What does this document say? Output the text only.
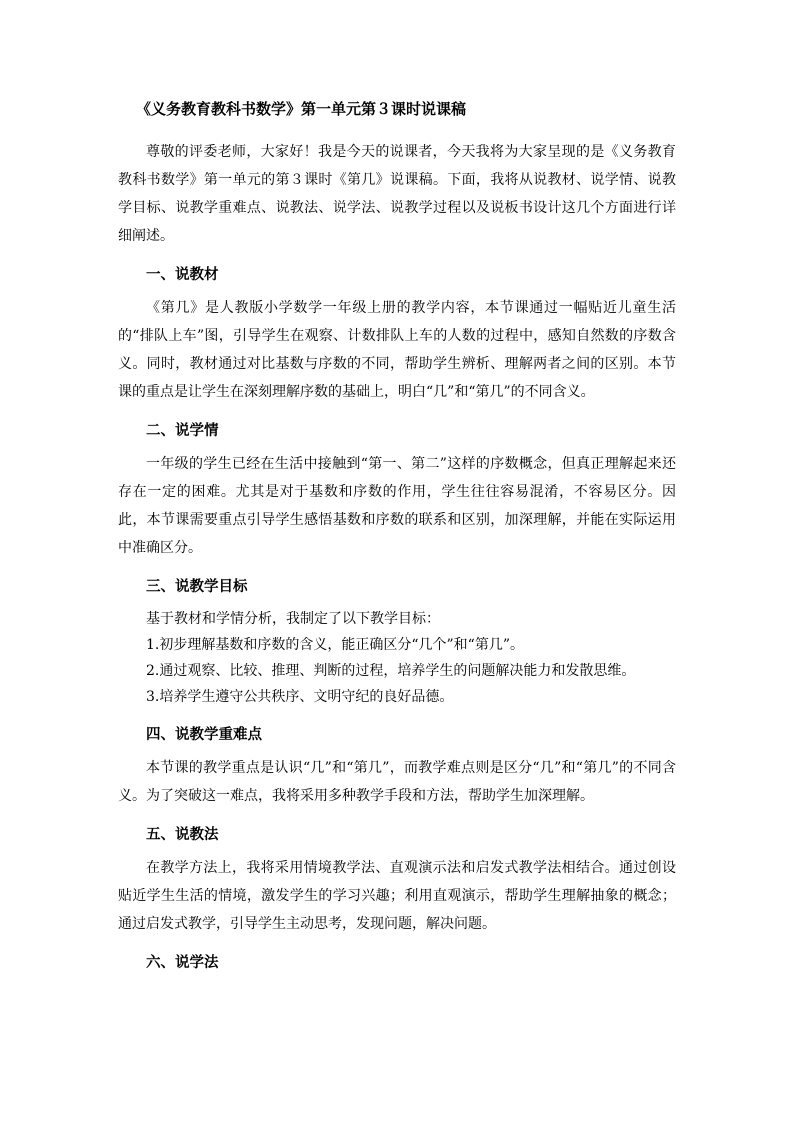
《义务教育教科书数学》第一单元第３课时说课稿

尊敬的评委老师，大家好！我是今天的说课者，今天我将为大家呈现的是《义务教育教科书数学》第一单元的第３课时《第几》说课稿。下面，我将从说教材、说学情、说教学目标、说教学重难点、说教法、说学法、说教学过程以及说板书设计这几个方面进行详细阐述。

一、说教材

《第几》是人教版小学数学一年级上册的教学内容，本节课通过一幅贴近儿童生活的“排队上车”图，引导学生在观察、计数排队上车的人数的过程中，感知自然数的序数含义。同时，教材通过对比基数与序数的不同，帮助学生辨析、理解两者之间的区别。本节课的重点是让学生在深刻理解序数的基础上，明白“几”和“第几”的不同含义。

二、说学情

一年级的学生已经在生活中接触到“第一、第二”这样的序数概念，但真正理解起来还存在一定的困难。尤其是对于基数和序数的作用，学生往往容易混淆，不容易区分。因此，本节课需要重点引导学生感悟基数和序数的联系和区别，加深理解，并能在实际运用中准确区分。

三、说教学目标

基于教材和学情分析，我制定了以下教学目标：

1.初步理解基数和序数的含义，能正确区分“几个”和“第几”。

2.通过观察、比较、推理、判断的过程，培养学生的问题解决能力和发散思维。

3.培养学生遵守公共秩序、文明守纪的良好品德。

四、说教学重难点

本节课的教学重点是认识“几”和“第几”，而教学难点则是区分“几”和“第几”的不同含义。为了突破这一难点，我将采用多种教学手段和方法，帮助学生加深理解。

五、说教法

在教学方法上，我将采用情境教学法、直观演示法和启发式教学法相结合。通过创设贴近学生生活的情境，激发学生的学习兴趣；利用直观演示，帮助学生理解抽象的概念；通过启发式教学，引导学生主动思考，发现问题，解决问题。

六、说学法
